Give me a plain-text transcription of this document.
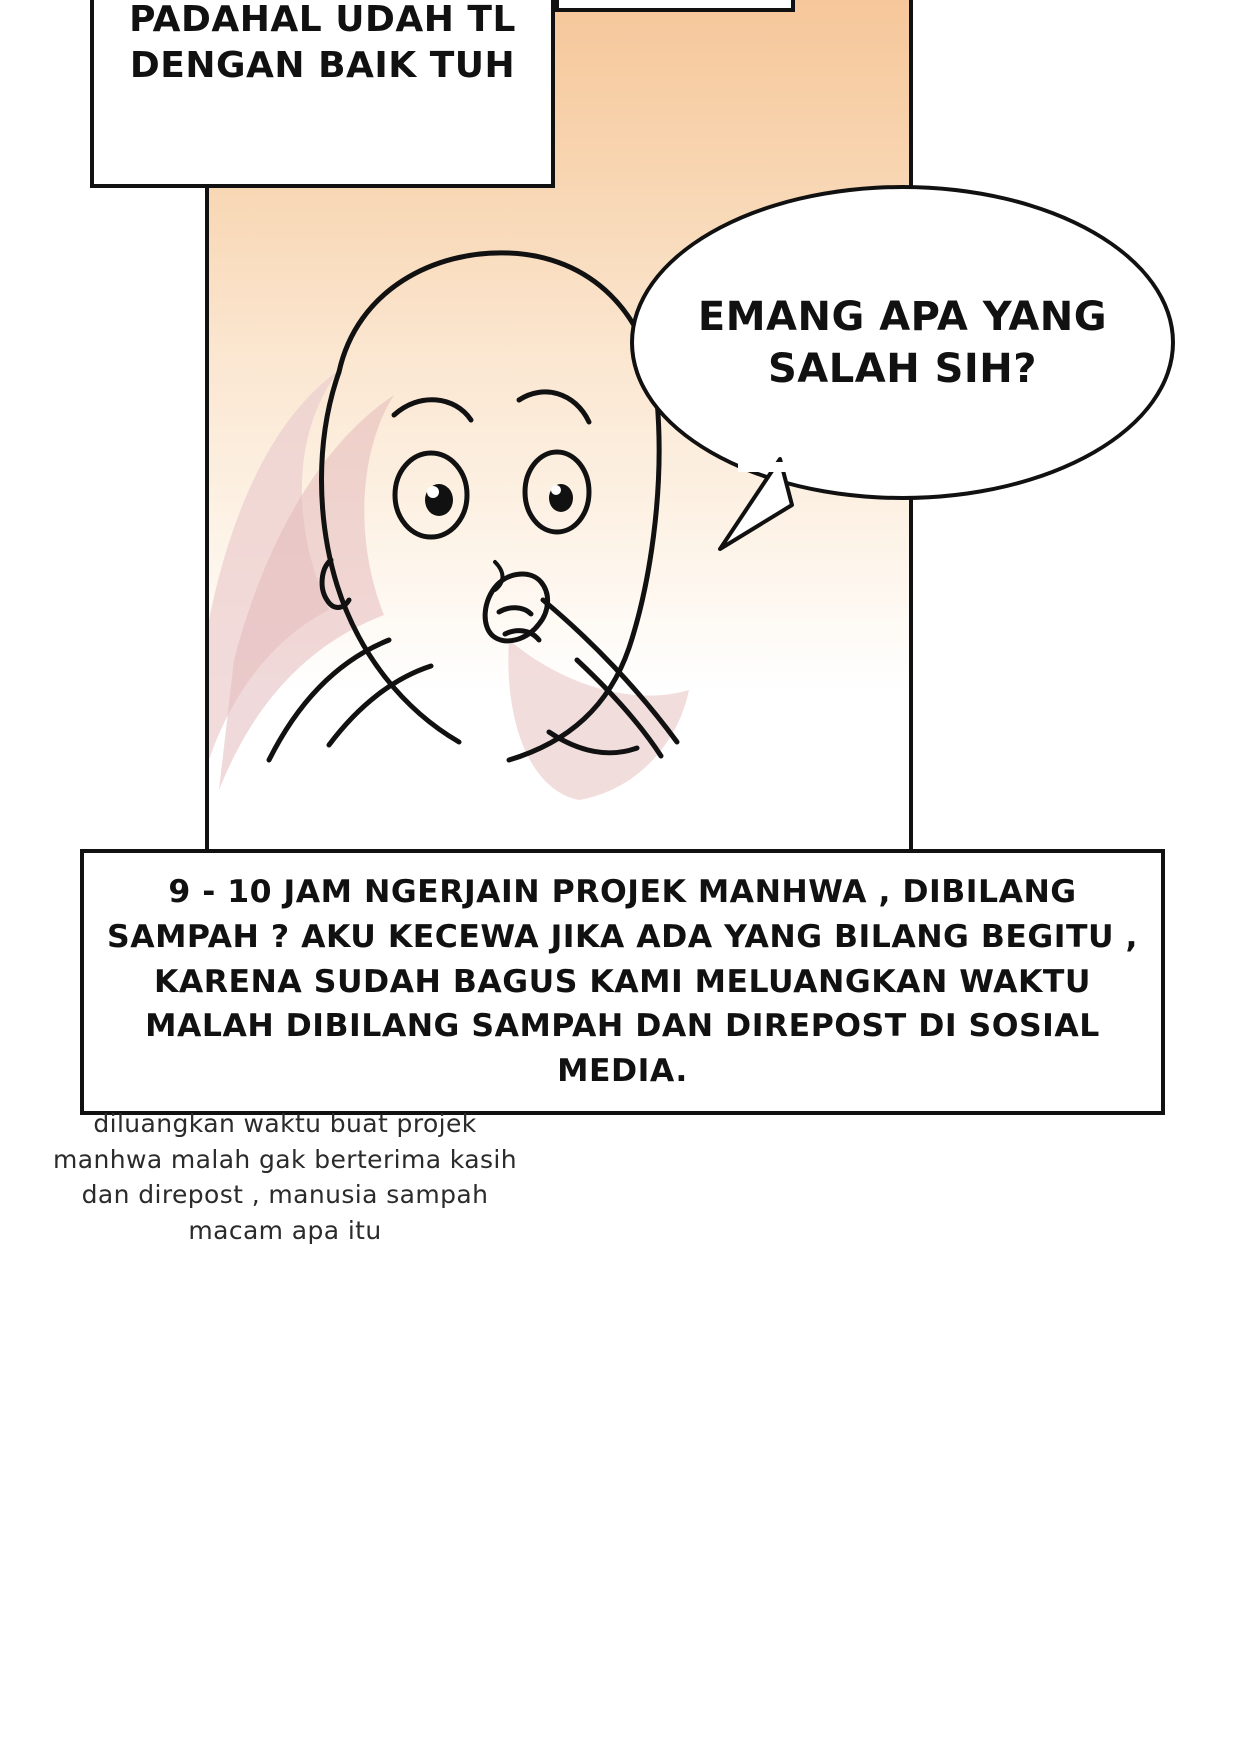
PADAHAL UDAH TL DENGAN BAIK TUH
EMANG APA YANG SALAH SIH?
9 - 10 JAM NGERJAIN PROJEK MANHWA , DIBILANG SAMPAH ? AKU KECEWA JIKA ADA YANG BILANG BEGITU , KARENA SUDAH BAGUS KAMI MELUANGKAN WAKTU MALAH DIBILANG SAMPAH DAN DIREPOST DI SOSIAL MEDIA.
diluangkan waktu buat projek
manhwa malah gak berterima kasih
dan direpost , manusia sampah
macam apa itu
